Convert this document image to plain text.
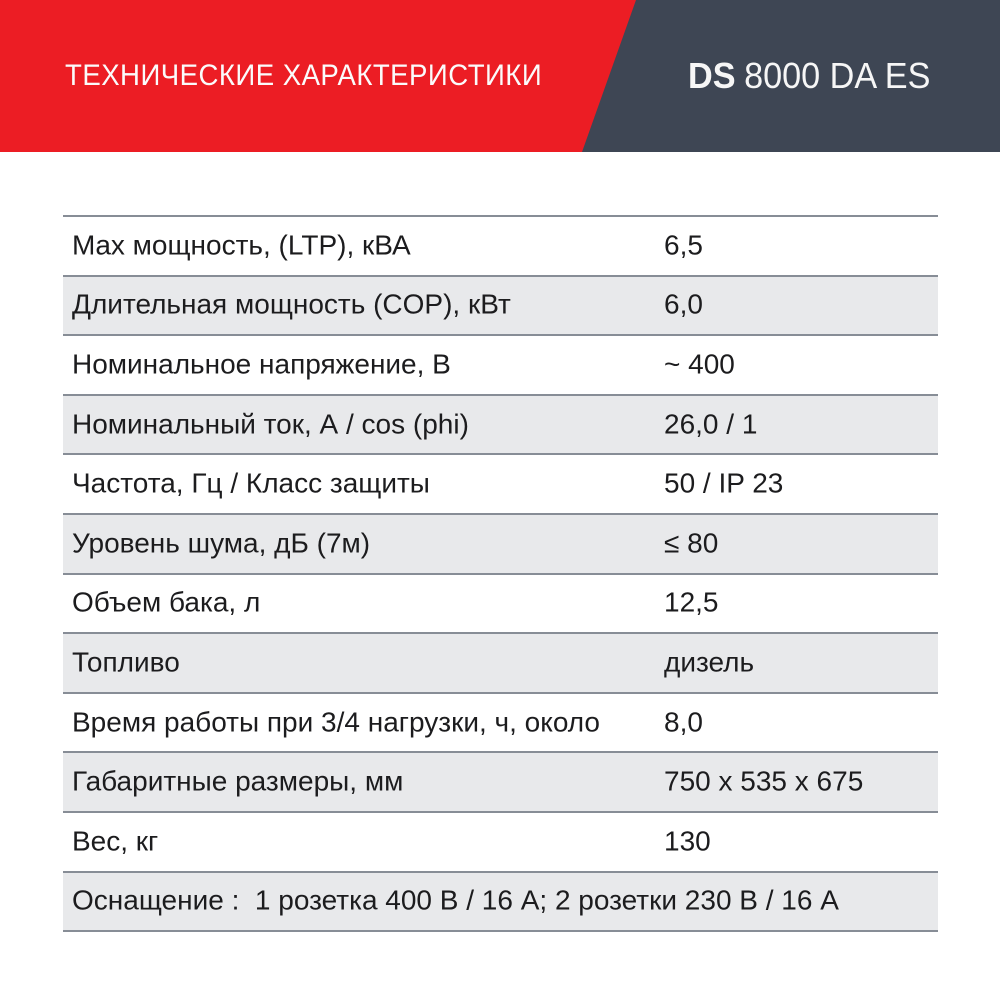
ТЕХНИЧЕСКИЕ ХАРАКТЕРИСТИКИ	DS 8000 DA ES
Max мощность, (LTP), кВА	6,5
Длительная мощность (COP), кВт	6,0
Номинальное напряжение, В	~ 400
Номинальный ток, А / cos (phi)	26,0 / 1
Частота, Гц / Класс защиты	50 / IP 23
Уровень шума, дБ (7м)	≤ 80
Объем бака, л	12,5
Топливо	дизель
Время работы при 3/4 нагрузки, ч, около 8,0
Габаритные размеры, мм	750 x 535 x 675
Вес, кг	130
Оснащение :  1 розетка 400 В / 16 А; 2 розетки 230 В / 16 А
